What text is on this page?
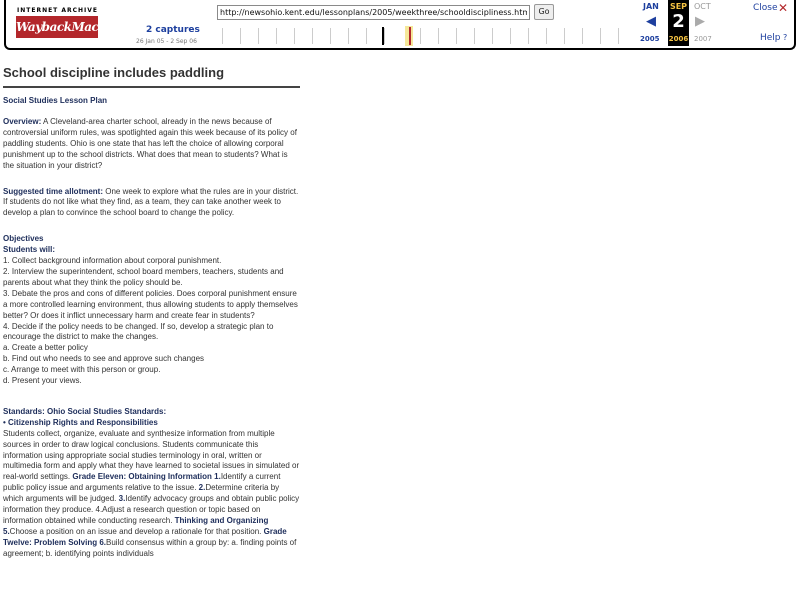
INTERNET ARCHIVE
WaybackMachine
http://newsohio.kent.edu/lessonplans/2005/weekthree/schooldiscipliness.htm
Go
2 captures
26 Jan 05 - 2 Sep 06
JAN
◀
2005
SEP
2
2006
OCT
▶
2007
Close ✕
Help ?
School discipline includes paddling
Social Studies Lesson Plan

Overview: A Cleveland-area charter school, already in the news because of controversial uniform rules, was spotlighted again this week because of its policy of paddling students. Ohio is one state that has left the choice of allowing corporal punishment up to the school districts. What does that mean to students? What is the situation in your district?

Suggested time allotment: One week to explore what the rules are in your district. If students do not like what they find, as a team, they can take another week to develop a plan to convince the school board to change the policy.

Objectives
Students will:
1. Collect background information about corporal punishment.
2. Interview the superintendent, school board members, teachers, students and parents about what they think the policy should be.
3. Debate the pros and cons of different policies. Does corporal punishment ensure a more controlled learning environment, thus allowing students to apply themselves better? Or does it inflict unnecessary harm and create fear in students?
4. Decide if the policy needs to be changed. If so, develop a strategic plan to encourage the district to make the changes.
a. Create a better policy
b. Find out who needs to see and approve such changes
c. Arrange to meet with this person or group.
d. Present your views.
Standards: Ohio Social Studies Standards:
• Citizenship Rights and Responsibilities

Students collect, organize, evaluate and synthesize information from multiple sources in order to draw logical conclusions. Students communicate this information using appropriate social studies terminology in oral, written or multimedia form and apply what they have learned to societal issues in simulated or real-world settings. Grade Eleven: Obtaining Information 1.Identify a current public policy issue and arguments relative to the issue. 2.Determine criteria by which arguments will be judged. 3.Identify advocacy groups and obtain public policy information they produce. 4.Adjust a research question or topic based on information obtained while conducting research. Thinking and Organizing 5.Choose a position on an issue and develop a rationale for that position. Grade Twelve: Problem Solving 6.Build consensus within a group by: a. finding points of agreement; b. identifying points individuals
